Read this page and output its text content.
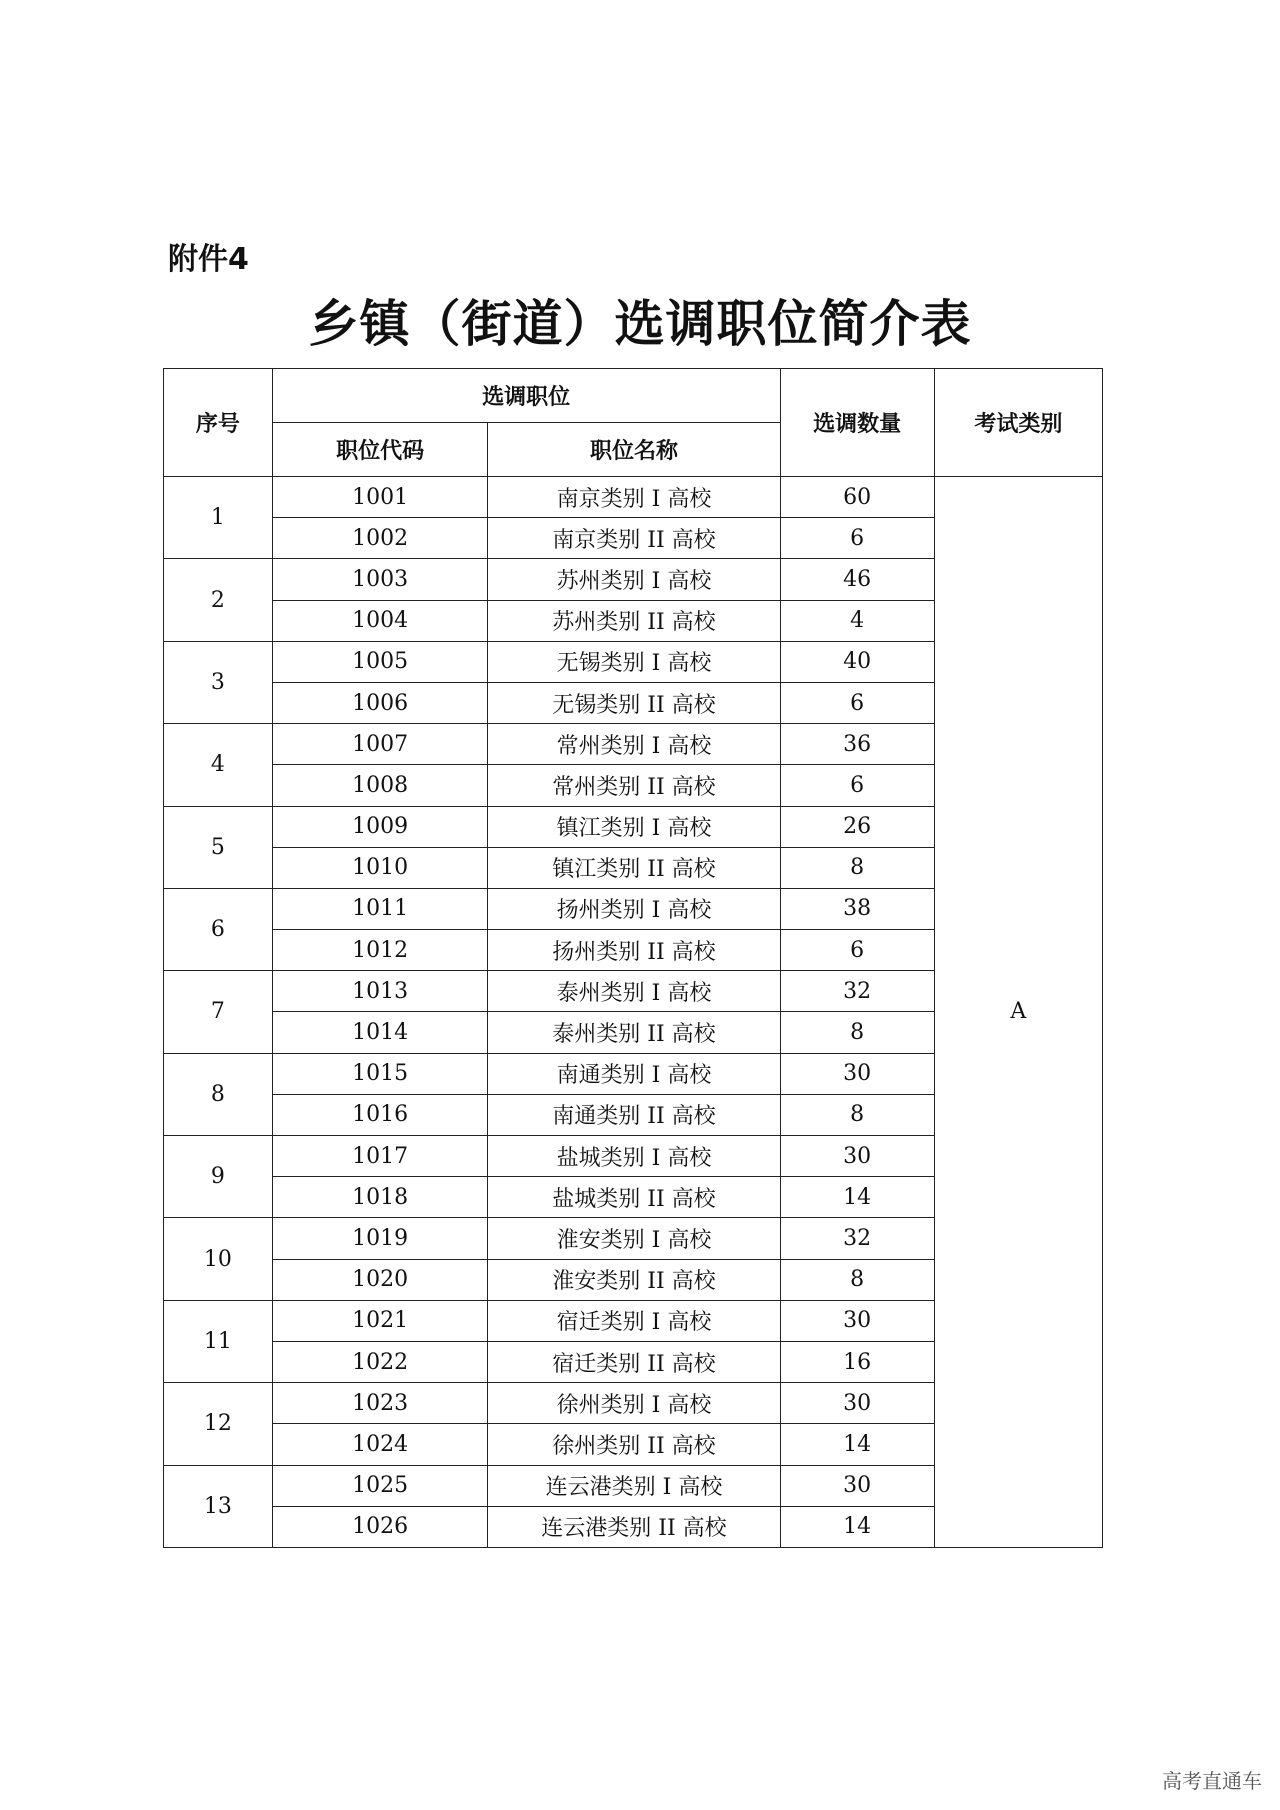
附件4
乡镇（街道）选调职位简介表
序号	选调职位		选调数量	考试类别
	职位代码	职位名称		
1	1001	南京类别 I 高校	60	A
	1002	南京类别 II 高校	6	
2	1003	苏州类别 I 高校	46	
	1004	苏州类别 II 高校	4	
3	1005	无锡类别 I 高校	40	
	1006	无锡类别 II 高校	6	
4	1007	常州类别 I 高校	36	
	1008	常州类别 II 高校	6	
5	1009	镇江类别 I 高校	26	
	1010	镇江类别 II 高校	8	
6	1011	扬州类别 I 高校	38	
	1012	扬州类别 II 高校	6	
7	1013	泰州类别 I 高校	32	
	1014	泰州类别 II 高校	8	
8	1015	南通类别 I 高校	30	
	1016	南通类别 II 高校	8	
9	1017	盐城类别 I 高校	30	
	1018	盐城类别 II 高校	14	
10	1019	淮安类别 I 高校	32	
	1020	淮安类别 II 高校	8	
11	1021	宿迁类别 I 高校	30	
	1022	宿迁类别 II 高校	16	
12	1023	徐州类别 I 高校	30	
	1024	徐州类别 II 高校	14	
13	1025	连云港类别 I 高校	30	
	1026	连云港类别 II 高校	14	
高考直通车
